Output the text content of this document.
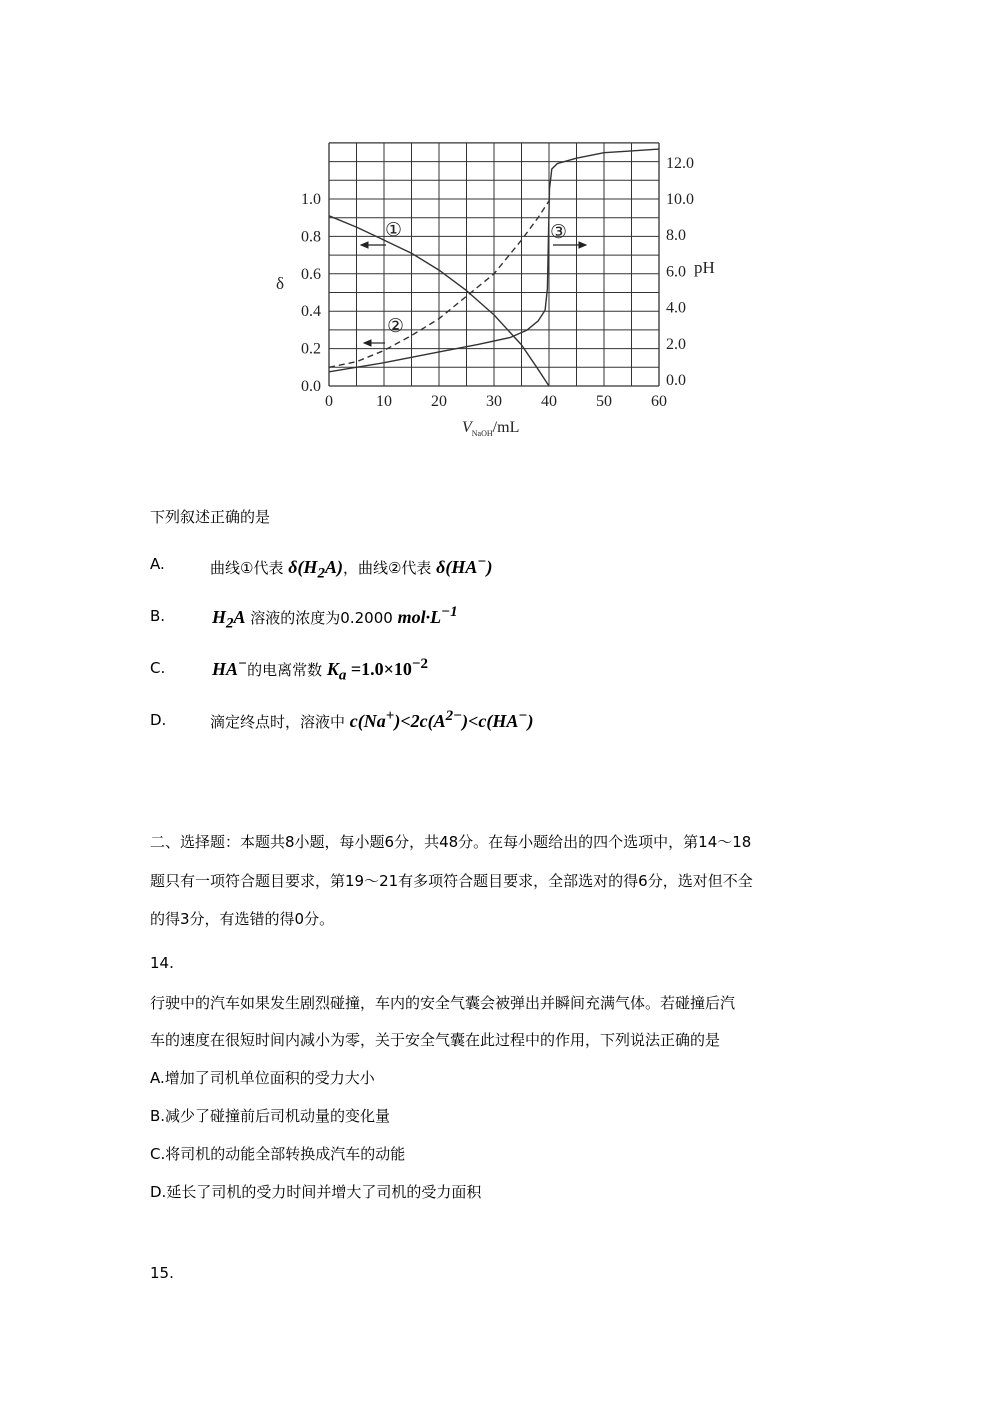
0	10 20 30 40 50 60
0.0
0.2
0.4
0.6
0.8
1.0
0.0
2.0
4.0
6.0
8.0
10.0
12.0
δ
pH
$V_{NaOH}/mL$
①
②
③
下列叙述正确的是
A.	曲线①代表 $\delta(H_2A)$，曲线②代表 δ(HA−)
B.	$H_2A$ 溶液的浓度为0.2000 $mol\cdot L^{-1}$
C.	HA−的电离常数 $K_a =1.0\times 10^{-2}$
D.	滴定终点时，溶液中 $c(Na^+)<2c(A^{2-})<c(HA^-)$
二、选择题：本题共8小题，每小题6分，共48分。在每小题给出的四个选项中，第14～18
题只有一项符合题目要求，第19～21有多项符合题目要求，全部选对的得6分，选对但不全
的得3分，有选错的得0分。
14.
行驶中的汽车如果发生剧烈碰撞，车内的安全气囊会被弹出并瞬间充满气体。若碰撞后汽
车的速度在很短时间内减小为零，关于安全气囊在此过程中的作用，下列说法正确的是
A.增加了司机单位面积的受力大小
B.减少了碰撞前后司机动量的变化量
C.将司机的动能全部转换成汽车的动能
D.延长了司机的受力时间并增大了司机的受力面积
15.
